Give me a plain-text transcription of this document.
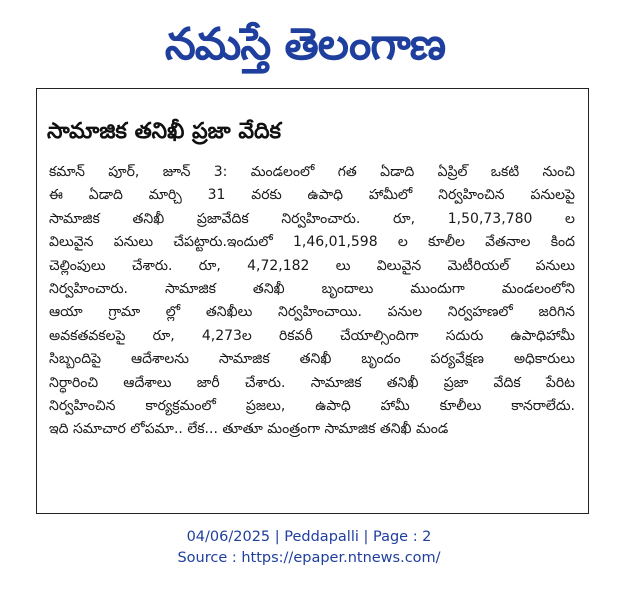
నమస్తే తెలంగాణ
సామాజిక తనిఖీ ప్రజా వేదిక
కమాన్ పూర్, జూన్ 3: మండలంలో గత ఏడాది ఏప్రిల్ ఒకటి నుంచి
ఈ ఏడాది మార్చి 31 వరకు ఉపాధి హామీలో నిర్వహించిన పనులపై
సామాజిక తనిఖీ ప్రజావేదిక నిర్వహించారు. రూ, 1,50,73,780 ల
విలువైన పనులు చేపట్టారు.ఇందులో 1,46,01,598 ల కూలీల వేతనాల కింద
చెల్లింపులు చేశారు. రూ, 4,72,182 లు విలువైన మెటీరియల్ పనులు
నిర్వహించారు. సామాజిక తనిఖీ బృందాలు ముందుగా మండలంలోని
ఆయా గ్రామా ల్లో తనిఖీలు నిర్వహించాయి. పనుల నిర్వహణలో జరిగిన
అవకతవకలపై రూ, 4,273ల రికవరీ చేయాల్సిందిగా సదురు ఉపాధిహామీ
సిబ్బందిపై ఆదేశాలను సామాజిక తనిఖీ బృందం పర్యవేక్షణ అధికారులు
నిర్ధారించి ఆదేశాలు జారీ చేశారు. సామాజిక తనిఖీ ప్రజా వేదిక పేరిట
నిర్వహించిన కార్యక్రమంలో ప్రజలు, ఉపాధి హామీ కూలీలు కానరాలేదు.
ఇది సమాచార లోపమా.. లేక... తూతూ మంత్రంగా సామాజిక తనిఖీ మండ
04/06/2025 | Peddapalli | Page : 2
Source : https://epaper.ntnews.com/
